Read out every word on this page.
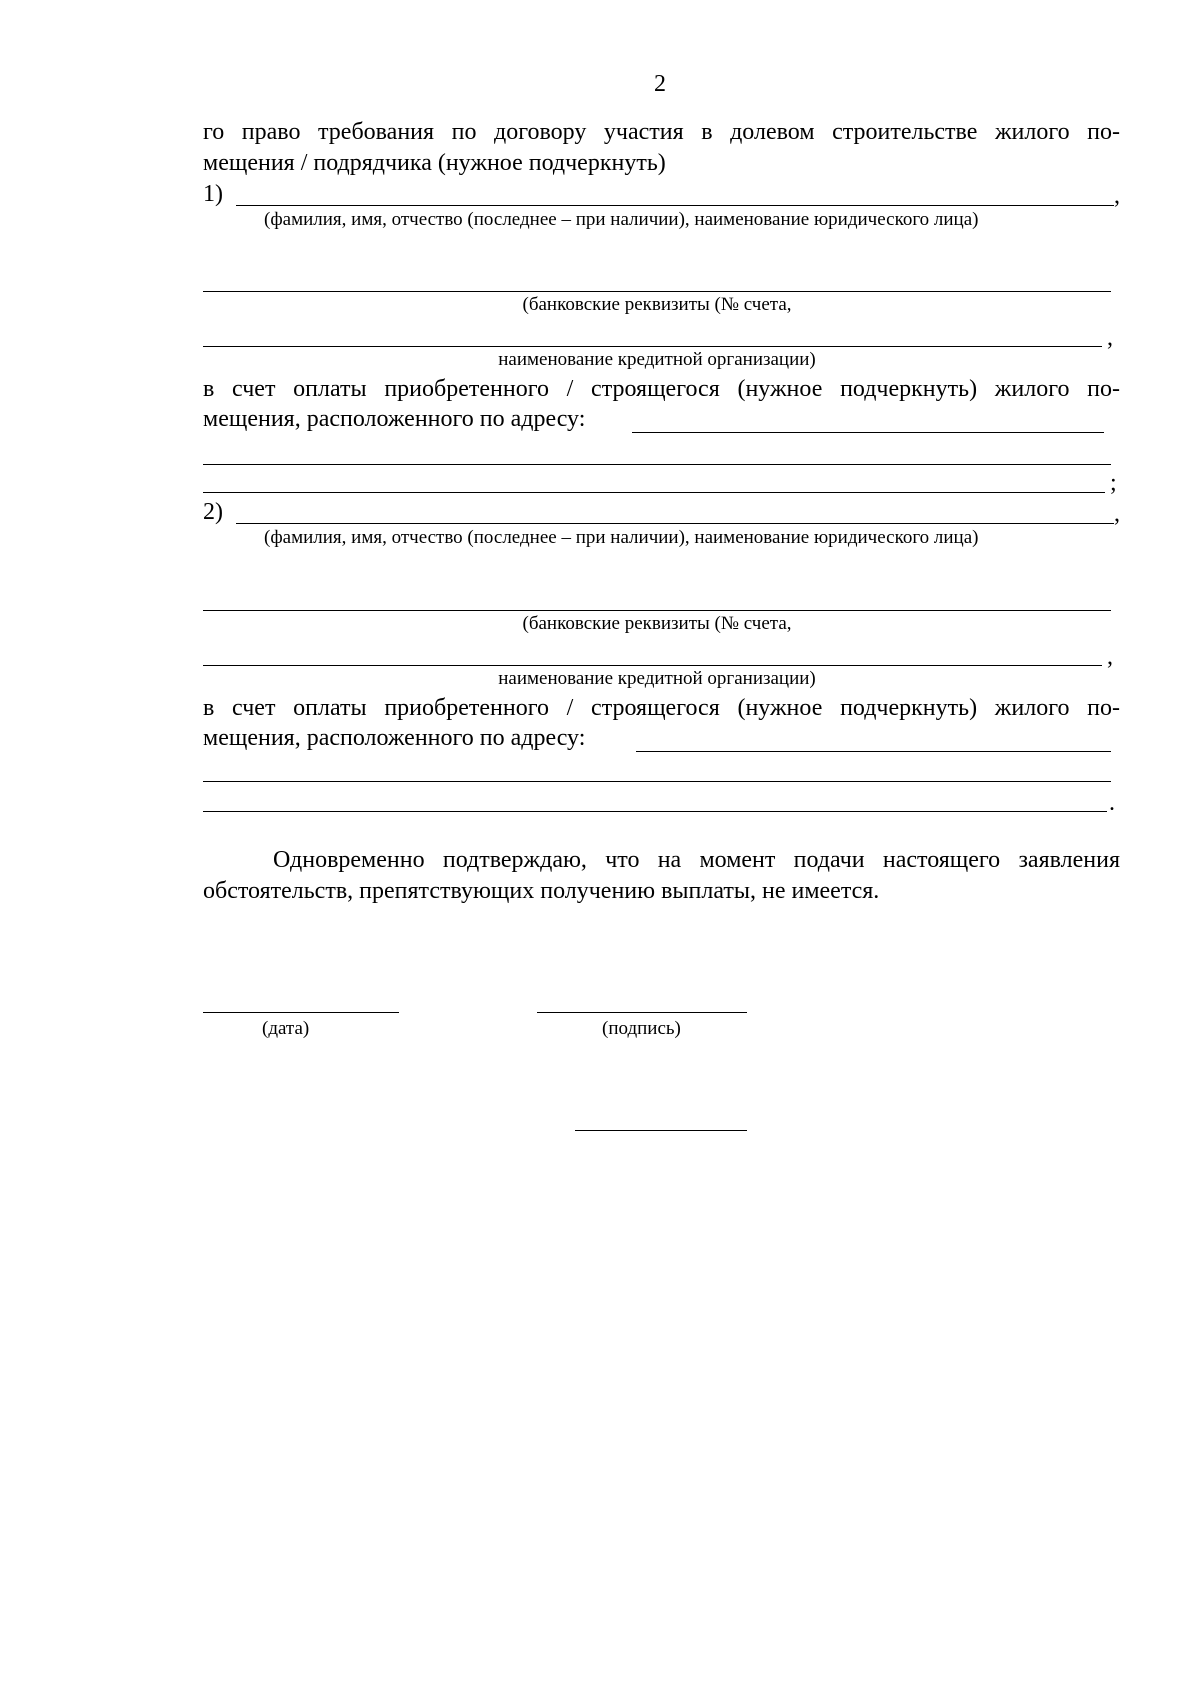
2
го право требования по договору участия в долевом строительстве жилого по-
мещения / подрядчика (нужное подчеркнуть)
1)	,
(фамилия, имя, отчество (последнее – при наличии), наименование юридического лица)
(банковские реквизиты (№ счета,
,
наименование кредитной организации)
в счет оплаты приобретенного / строящегося (нужное подчеркнуть) жилого по-
мещения, расположенного по адресу:
;
2)	,
(фамилия, имя, отчество (последнее – при наличии), наименование юридического лица)
(банковские реквизиты (№ счета,
,
наименование кредитной организации)
в счет оплаты приобретенного / строящегося (нужное подчеркнуть) жилого по-
мещения, расположенного по адресу:
.
Одновременно подтверждаю, что на момент подачи настоящего заявления
обстоятельств, препятствующих получению выплаты, не имеется.
(дата)	(подпись)
